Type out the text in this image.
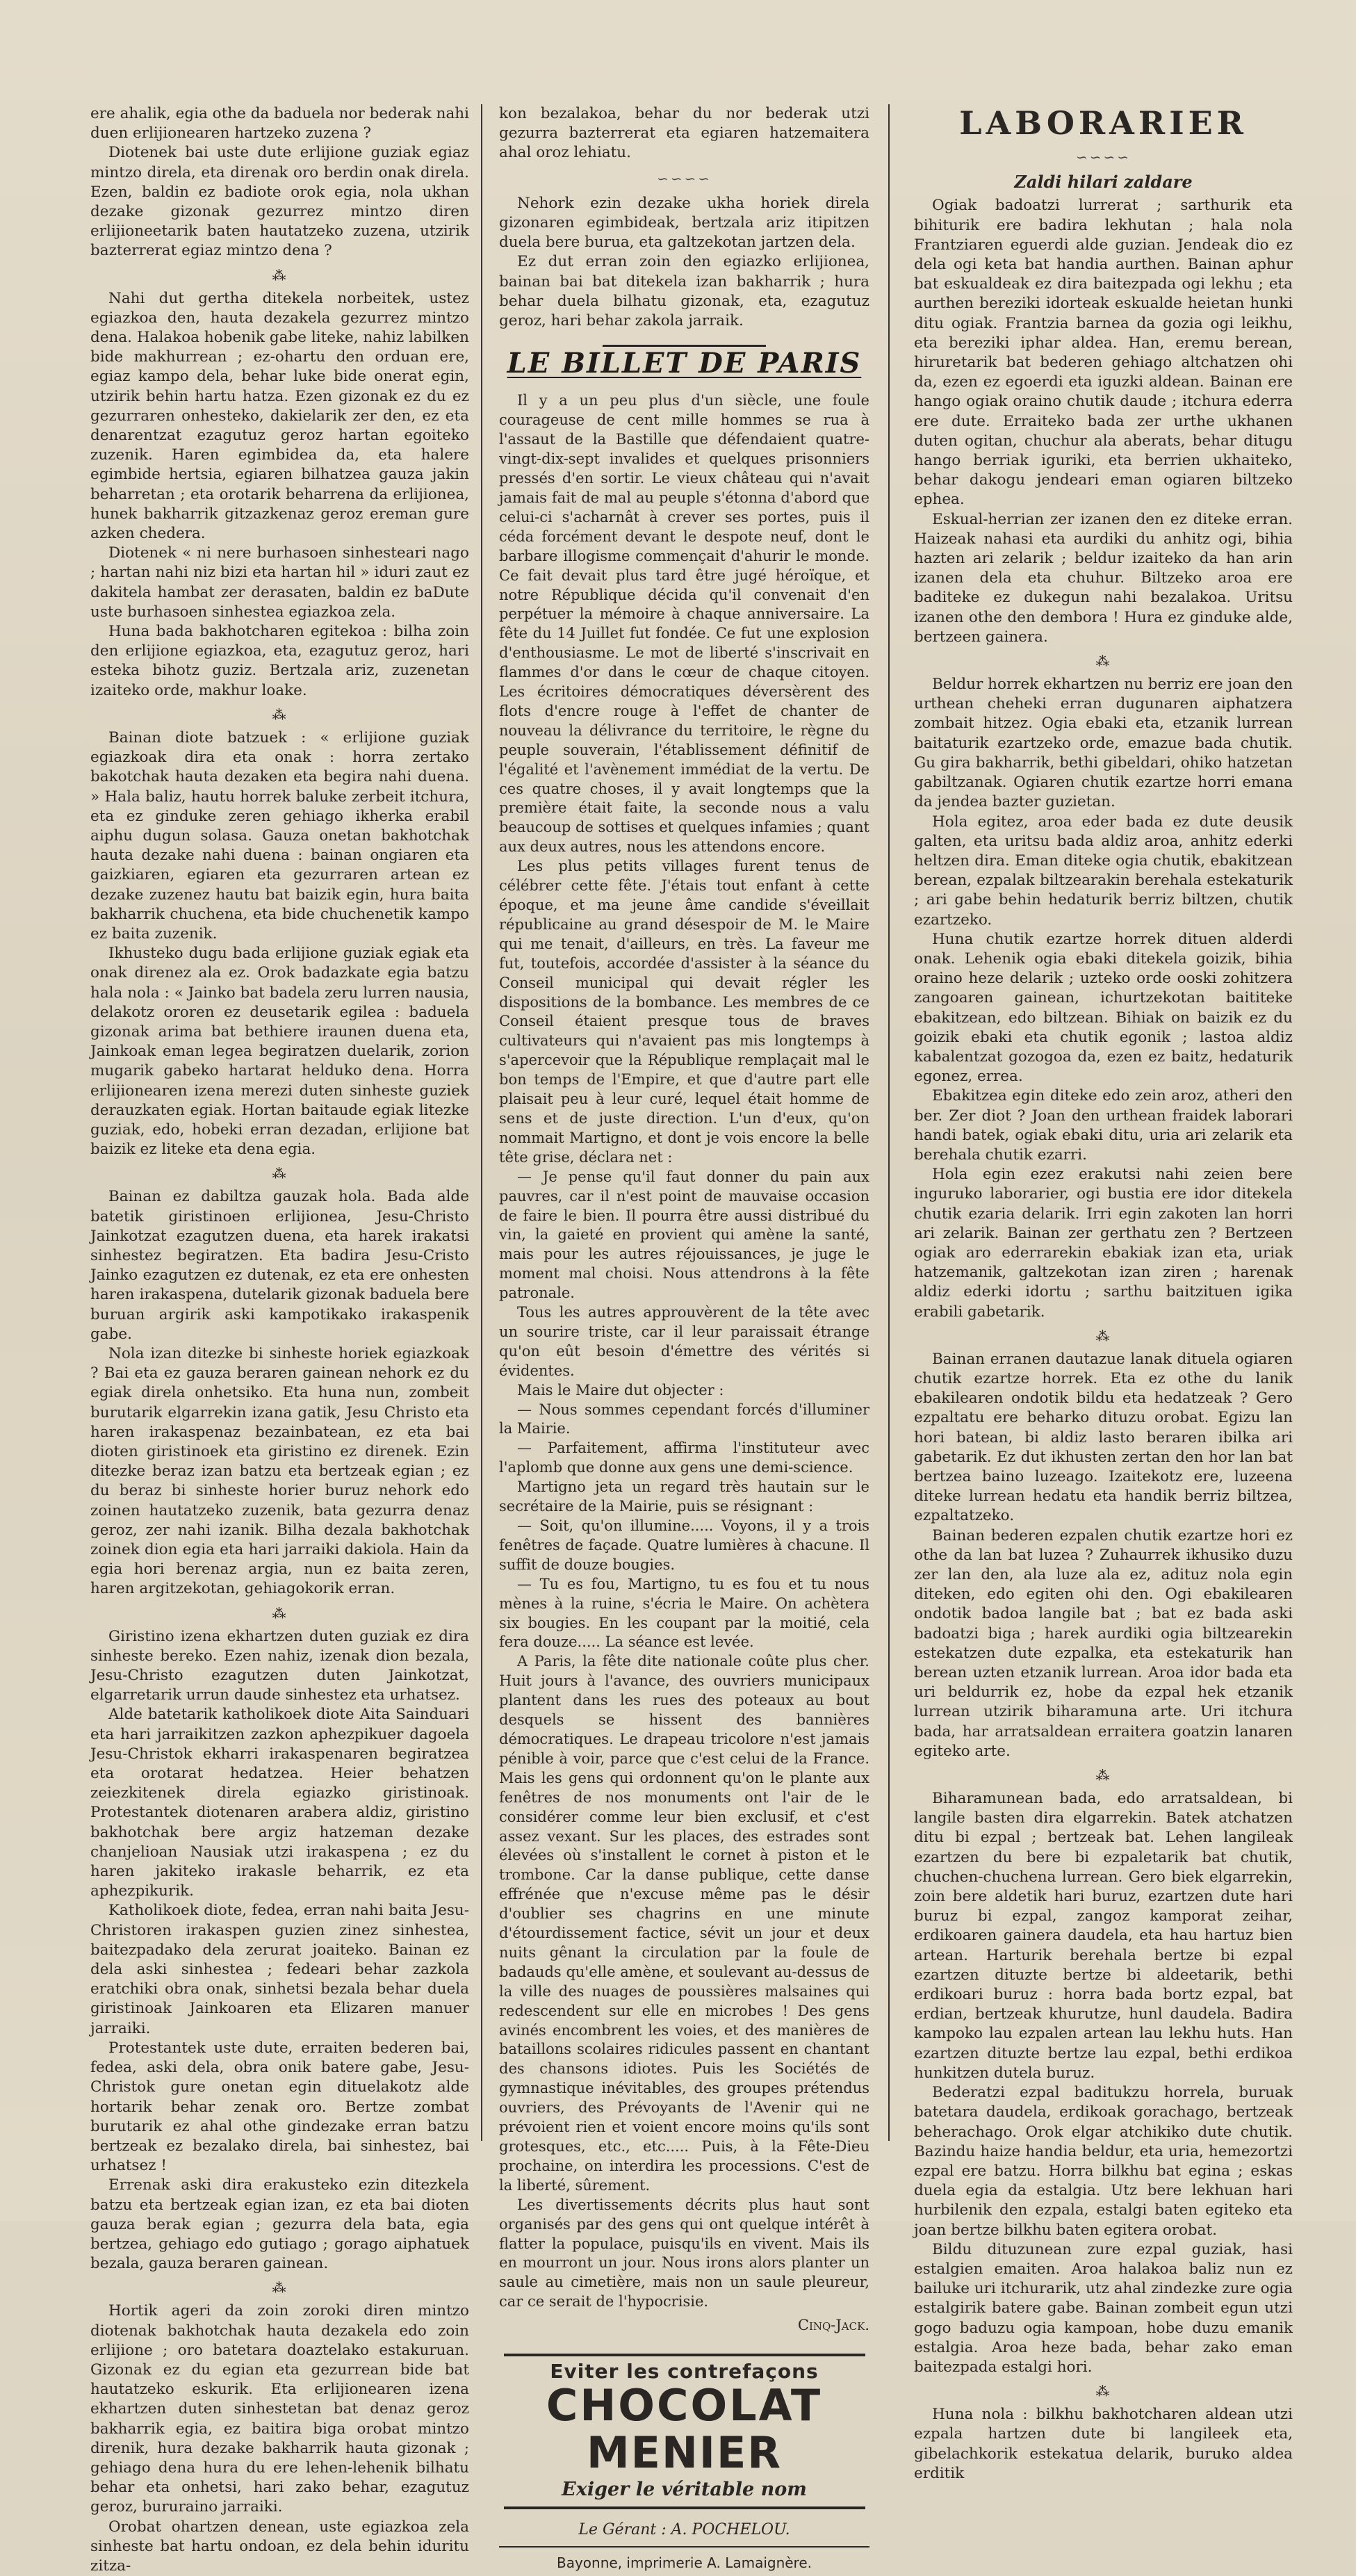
ere ahalik, egia othe da baduela nor bederak nahi duen erlijionearen hartzeko zuzena ?

Diotenek bai uste dute erlijione guziak egiaz mintzo direla, eta direnak oro berdin onak direla. Ezen, baldin ez badiote orok egia, nola ukhan dezake gizonak gezurrez mintzo diren erlijioneetarik baten hautatzeko zuzena, utzirik bazterrerat egiaz mintzo dena ?

⁂

Nahi dut gertha ditekela norbeitek, ustez egiazkoa den, hauta dezakela gezurrez mintzo dena. Halakoa hobenik gabe liteke, nahiz labilken bide makhurrean ; ez-ohartu den orduan ere, egiaz kampo dela, behar luke bide onerat egin, utzirik behin hartu hatza. Ezen gizonak ez du ez gezurraren onhesteko, dakielarik zer den, ez eta denarentzat ezagutuz geroz hartan egoiteko zuzenik. Haren egimbidea da, eta halere egimbide hertsia, egiaren bilhatzea gauza jakin beharretan ; eta orotarik beharrena da erlijionea, hunek bakharrik gitzazkenaz geroz ereman gure azken chedera.

Diotenek « ni nere burhasoen sinhesteari nago ; hartan nahi niz bizi eta hartan hil » iduri zaut ez dakitela hambat zer derasaten, baldin ez baDute uste burhasoen sinhestea egiazkoa zela.

Huna bada bakhotcharen egitekoa : bilha zoin den erlijione egiazkoa, eta, ezagutuz geroz, hari esteka bihotz guziz. Bertzala ariz, zuzenetan izaiteko orde, makhur loake.

⁂

Bainan diote batzuek : « erlijione guziak egiazkoak dira eta onak : horra zertako bakotchak hauta dezaken eta begira nahi duena. » Hala baliz, hautu horrek baluke zerbeit itchura, eta ez ginduke zeren gehiago ikherka erabil aiphu dugun solasa. Gauza onetan bakhotchak hauta dezake nahi duena : bainan ongiaren eta gaizkiaren, egiaren eta gezurraren artean ez dezake zuzenez hautu bat baizik egin, hura baita bakharrik chuchena, eta bide chuchenetik kampo ez baita zuzenik.

Ikhusteko dugu bada erlijione guziak egiak eta onak direnez ala ez. Orok badazkate egia batzu hala nola : « Jainko bat badela zeru lurren nausia, delakotz ororen ez deusetarik egilea : baduela gizonak arima bat bethiere iraunen duena eta, Jainkoak eman legea begiratzen duelarik, zorion mugarik gabeko hartarat helduko dena. Horra erlijionearen izena merezi duten sinheste guziek derauzkaten egiak. Hortan baitaude egiak litezke guziak, edo, hobeki erran dezadan, erlijione bat baizik ez liteke eta dena egia.

⁂

Bainan ez dabiltza gauzak hola. Bada alde batetik giristinoen erlijionea, Jesu-Christo Jainkotzat ezagutzen duena, eta harek irakatsi sinhestez begiratzen. Eta badira Jesu-Cristo Jainko ezagutzen ez dutenak, ez eta ere onhesten haren irakaspena, dutelarik gizonak baduela bere buruan argirik aski kampotikako irakaspenik gabe.

Nola izan ditezke bi sinheste horiek egiazkoak ? Bai eta ez gauza beraren gainean nehork ez du egiak direla onhetsiko. Eta huna nun, zombeit burutarik elgarrekin izana gatik, Jesu Christo eta haren irakaspenaz bezainbatean, ez eta bai dioten giristinoek eta giristino ez direnek. Ezin ditezke beraz izan batzu eta bertzeak egian ; ez du beraz bi sinheste horier buruz nehork edo zoinen hautatzeko zuzenik, bata gezurra denaz geroz, zer nahi izanik. Bilha dezala bakhotchak zoinek dion egia eta hari jarraiki dakiola. Hain da egia hori berenaz argia, nun ez baita zeren, haren argitzekotan, gehiagokorik erran.

⁂

Giristino izena ekhartzen duten guziak ez dira sinheste bereko. Ezen nahiz, izenak dion bezala, Jesu-Christo ezagutzen duten Jainkotzat, elgarretarik urrun daude sinhestez eta urhatsez.

Alde batetarik katholikoek diote Aita Sainduari eta hari jarraikitzen zazkon aphezpikuer dagoela Jesu-Christok ekharri irakaspenaren begiratzea eta orotarat hedatzea. Heier behatzen zeiezkitenek direla egiazko giristinoak. Protestantek diotenaren arabera aldiz, giristino bakhotchak bere argiz hatzeman dezake chanjelioan Nausiak utzi irakaspena ; ez du haren jakiteko irakasle beharrik, ez eta aphezpikurik.

Katholikoek diote, fedea, erran nahi baita Jesu-Christoren irakaspen guzien zinez sinhestea, baitezpadako dela zerurat joaiteko. Bainan ez dela aski sinhestea ; fedeari behar zazkola eratchiki obra onak, sinhetsi bezala behar duela giristinoak Jainkoaren eta Elizaren manuer jarraiki.

Protestantek uste dute, erraiten bederen bai, fedea, aski dela, obra onik batere gabe, Jesu-Christok gure onetan egin dituelakotz alde hortarik behar zenak oro. Bertze zombat burutarik ez ahal othe gindezake erran batzu bertzeak ez bezalako direla, bai sinhestez, bai urhatsez !

Errenak aski dira erakusteko ezin ditezkela batzu eta bertzeak egian izan, ez eta bai dioten gauza berak egian ; gezurra dela bata, egia bertzea, gehiago edo gutiago ; gorago aiphatuek bezala, gauza beraren gainean.

⁂

Hortik ageri da zoin zoroki diren mintzo diotenak bakhotchak hauta dezakela edo zoin erlijione ; oro batetara doaztelako estakuruan. Gizonak ez du egian eta gezurrean bide bat hautatzeko eskurik. Eta erlijionearen izena ekhartzen duten sinhestetan bat denaz geroz bakharrik egia, ez baitira biga orobat mintzo direnik, hura dezake bakharrik hauta gizonak ; gehiago dena hura du ere lehen-lehenik bilhatu behar eta onhetsi, hari zako behar, ezagutuz geroz, bururaino jarraiki.

Orobat ohartzen denean, uste egiazkoa zela sinheste bat hartu ondoan, ez dela behin iduritu zitza-

kon bezalakoa, behar du nor bederak utzi gezurra bazterrerat eta egiaren hatzemaitera ahal oroz lehiatu.

∽∽∽∽

Nehork ezin dezake ukha horiek direla gizonaren egimbideak, bertzala ariz itipitzen duela bere burua, eta galtzekotan jartzen dela.

Ez dut erran zoin den egiazko erlijionea, bainan bai bat ditekela izan bakharrik ; hura behar duela bilhatu gizonak, eta, ezagutuz geroz, hari behar zakola jarraik.

LE BILLET DE PARIS

Il y a un peu plus d'un siècle, une foule courageuse de cent mille hommes se rua à l'assaut de la Bastille que défendaient quatre-vingt-dix-sept invalides et quelques prisonniers pressés d'en sortir. Le vieux château qui n'avait jamais fait de mal au peuple s'étonna d'abord que celui-ci s'acharnât à crever ses portes, puis il céda forcément devant le despote neuf, dont le barbare illogisme commençait d'ahurir le monde. Ce fait devait plus tard être jugé héroïque, et notre République décida qu'il convenait d'en perpétuer la mémoire à chaque anniversaire. La fête du 14 Juillet fut fondée. Ce fut une explosion d'enthousiasme. Le mot de liberté s'inscrivait en flammes d'or dans le cœur de chaque citoyen. Les écritoires démocratiques déversèrent des flots d'encre rouge à l'effet de chanter de nouveau la délivrance du territoire, le règne du peuple souverain, l'établissement définitif de l'égalité et l'avènement immédiat de la vertu. De ces quatre choses, il y avait longtemps que la première était faite, la seconde nous a valu beaucoup de sottises et quelques infamies ; quant aux deux autres, nous les attendons encore.

Les plus petits villages furent tenus de célébrer cette fête. J'étais tout enfant à cette époque, et ma jeune âme candide s'éveillait républicaine au grand désespoir de M. le Maire qui me tenait, d'ailleurs, en très. La faveur me fut, toutefois, accordée d'assister à la séance du Conseil municipal qui devait régler les dispositions de la bombance. Les membres de ce Conseil étaient presque tous de braves cultivateurs qui n'avaient pas mis longtemps à s'apercevoir que la République remplaçait mal le bon temps de l'Empire, et que d'autre part elle plaisait peu à leur curé, lequel était homme de sens et de juste direction. L'un d'eux, qu'on nommait Martigno, et dont je vois encore la belle tête grise, déclara net :

— Je pense qu'il faut donner du pain aux pauvres, car il n'est point de mauvaise occasion de faire le bien. Il pourra être aussi distribué du vin, la gaieté en provient qui amène la santé, mais pour les autres réjouissances, je juge le moment mal choisi. Nous attendrons à la fête patronale.

Tous les autres approuvèrent de la tête avec un sourire triste, car il leur paraissait étrange qu'on eût besoin d'émettre des vérités si évidentes.

Mais le Maire dut objecter :

— Nous sommes cependant forcés d'illuminer la Mairie.

— Parfaitement, affirma l'instituteur avec l'aplomb que donne aux gens une demi-science.

Martigno jeta un regard très hautain sur le secrétaire de la Mairie, puis se résignant :

— Soit, qu'on illumine..... Voyons, il y a trois fenêtres de façade. Quatre lumières à chacune. Il suffit de douze bougies.

— Tu es fou, Martigno, tu es fou et tu nous mènes à la ruine, s'écria le Maire. On achètera six bougies. En les coupant par la moitié, cela fera douze..... La séance est levée.

A Paris, la fête dite nationale coûte plus cher. Huit jours à l'avance, des ouvriers municipaux plantent dans les rues des poteaux au bout desquels se hissent des bannières démocratiques. Le drapeau tricolore n'est jamais pénible à voir, parce que c'est celui de la France. Mais les gens qui ordonnent qu'on le plante aux fenêtres de nos monuments ont l'air de le considérer comme leur bien exclusif, et c'est assez vexant. Sur les places, des estrades sont élevées où s'installent le cornet à piston et le trombone. Car la danse publique, cette danse effrénée que n'excuse même pas le désir d'oublier ses chagrins en une minute d'étourdissement factice, sévit un jour et deux nuits gênant la circulation par la foule de badauds qu'elle amène, et soulevant au-dessus de la ville des nuages de poussières malsaines qui redescendent sur elle en microbes ! Des gens avinés encombrent les voies, et des manières de bataillons scolaires ridicules passent en chantant des chansons idiotes. Puis les Sociétés de gymnastique inévitables, des groupes prétendus ouvriers, des Prévoyants de l'Avenir qui ne prévoient rien et voient encore moins qu'ils sont grotesques, etc., etc..... Puis, à la Fête-Dieu prochaine, on interdira les processions. C'est de la liberté, sûrement.

Les divertissements décrits plus haut sont organisés par des gens qui ont quelque intérêt à flatter la populace, puisqu'ils en vivent. Mais ils en mourront un jour. Nous irons alors planter un saule au cimetière, mais non un saule pleureur, car ce serait de l'hypocrisie.

Cinq-Jack.
Eviter les contrefaçons
CHOCOLAT
MENIER
Exiger le véritable nom
Le Gérant : A. POCHELOU.
Bayonne, imprimerie A. Lamaignère.
LABORARIER
∽∽∽∽
Zaldi hilari zaldare

Ogiak badoatzi lurrerat ; sarthurik eta bihiturik ere badira lekhutan ; hala nola Frantziaren eguerdi alde guzian. Jendeak dio ez dela ogi keta bat handia aurthen. Bainan aphur bat eskualdeak ez dira baitezpada ogi lekhu ; eta aurthen bereziki idorteak eskualde heietan hunki ditu ogiak. Frantzia barnea da gozia ogi leikhu, eta bereziki iphar aldea. Han, eremu berean, hiruretarik bat bederen gehiago altchatzen ohi da, ezen ez egoerdi eta iguzki aldean. Bainan ere hango ogiak oraino chutik daude ; itchura ederra ere dute. Erraiteko bada zer urthe ukhanen duten ogitan, chuchur ala aberats, behar ditugu hango berriak iguriki, eta berrien ukhaiteko, behar dakogu jendeari eman ogiaren biltzeko ephea.

Eskual-herrian zer izanen den ez diteke erran. Haizeak nahasi eta aurdiki du anhitz ogi, bihia hazten ari zelarik ; beldur izaiteko da han arin izanen dela eta chuhur. Biltzeko aroa ere baditeke ez dukegun nahi bezalakoa. Uritsu izanen othe den dembora ! Hura ez ginduke alde, bertzeen gainera.

⁂

Beldur horrek ekhartzen nu berriz ere joan den urthean cheheki erran dugunaren aiphatzera zombait hitzez. Ogia ebaki eta, etzanik lurrean baitaturik ezartzeko orde, emazue bada chutik. Gu gira bakharrik, bethi gibeldari, ohiko hatzetan gabiltzanak. Ogiaren chutik ezartze horri emana da jendea bazter guzietan.

Hola egitez, aroa eder bada ez dute deusik galten, eta uritsu bada aldiz aroa, anhitz ederki heltzen dira. Eman diteke ogia chutik, ebakitzean berean, ezpalak biltzearakin berehala estekaturik ; ari gabe behin hedaturik berriz biltzen, chutik ezartzeko.

Huna chutik ezartze horrek dituen alderdi onak. Lehenik ogia ebaki ditekela goizik, bihia oraino heze delarik ; uzteko orde ooski zohitzera zangoaren gainean, ichurtzekotan baititeke ebakitzean, edo biltzean. Bihiak on baizik ez du goizik ebaki eta chutik egonik ; lastoa aldiz kabalentzat gozogoa da, ezen ez baitz, hedaturik egonez, errea.

Ebakitzea egin diteke edo zein aroz, atheri den ber. Zer diot ? Joan den urthean fraidek laborari handi batek, ogiak ebaki ditu, uria ari zelarik eta berehala chutik ezarri.

Hola egin ezez erakutsi nahi zeien bere inguruko laborarier, ogi bustia ere idor ditekela chutik ezaria delarik. Irri egin zakoten lan horri ari zelarik. Bainan zer gerthatu zen ? Bertzeen ogiak aro ederrarekin ebakiak izan eta, uriak hatzemanik, galtzekotan izan ziren ; harenak aldiz ederki idortu ; sarthu baitzituen igika erabili gabetarik.

⁂

Bainan erranen dautazue lanak dituela ogiaren chutik ezartze horrek. Eta ez othe du lanik ebakilearen ondotik bildu eta hedatzeak ? Gero ezpaltatu ere beharko dituzu orobat. Egizu lan hori batean, bi aldiz lasto beraren ibilka ari gabetarik. Ez dut ikhusten zertan den hor lan bat bertzea baino luzeago. Izaitekotz ere, luzeena diteke lurrean hedatu eta handik berriz biltzea, ezpaltatzeko.

Bainan bederen ezpalen chutik ezartze hori ez othe da lan bat luzea ? Zuhaurrek ikhusiko duzu zer lan den, ala luze ala ez, adituz nola egin diteken, edo egiten ohi den. Ogi ebakilearen ondotik badoa langile bat ; bat ez bada aski badoatzi biga ; harek aurdiki ogia biltzearekin estekatzen dute ezpalka, eta estekaturik han berean uzten etzanik lurrean. Aroa idor bada eta uri beldurrik ez, hobe da ezpal hek etzanik lurrean utzirik biharamuna arte. Uri itchura bada, har arratsaldean erraitera goatzin lanaren egiteko arte.

⁂

Biharamunean bada, edo arratsaldean, bi langile basten dira elgarrekin. Batek atchatzen ditu bi ezpal ; bertzeak bat. Lehen langileak ezartzen du bere bi ezpaletarik bat chutik, chuchen-chuchena lurrean. Gero biek elgarrekin, zoin bere aldetik hari buruz, ezartzen dute hari buruz bi ezpal, zangoz kamporat zeihar, erdikoaren gainera daudela, eta hau hartuz bien artean. Harturik berehala bertze bi ezpal ezartzen dituzte bertze bi aldeetarik, bethi erdikoari buruz : horra bada bortz ezpal, bat erdian, bertzeak khurutze, hunl daudela. Badira kampoko lau ezpalen artean lau lekhu huts. Han ezartzen dituzte bertze lau ezpal, bethi erdikoa hunkitzen dutela buruz.

Bederatzi ezpal baditukzu horrela, buruak batetara daudela, erdikoak gorachago, bertzeak beherachago. Orok elgar atchikiko dute chutik. Bazindu haize handia beldur, eta uria, hemezortzi ezpal ere batzu. Horra bilkhu bat egina ; eskas duela egia da estalgia. Utz bere lekhuan hari hurbilenik den ezpala, estalgi baten egiteko eta joan bertze bilkhu baten egitera orobat.

Bildu dituzunean zure ezpal guziak, hasi estalgien emaiten. Aroa halakoa baliz nun ez bailuke uri itchurarik, utz ahal zindezke zure ogia estalgirik batere gabe. Bainan zombeit egun utzi gogo baduzu ogia kampoan, hobe duzu emanik estalgia. Aroa heze bada, behar zako eman baitezpada estalgi hori.

⁂

Huna nola : bilkhu bakhotcharen aldean utzi ezpala hartzen dute bi langileek eta, gibelachkorik estekatua delarik, buruko aldea erditik
